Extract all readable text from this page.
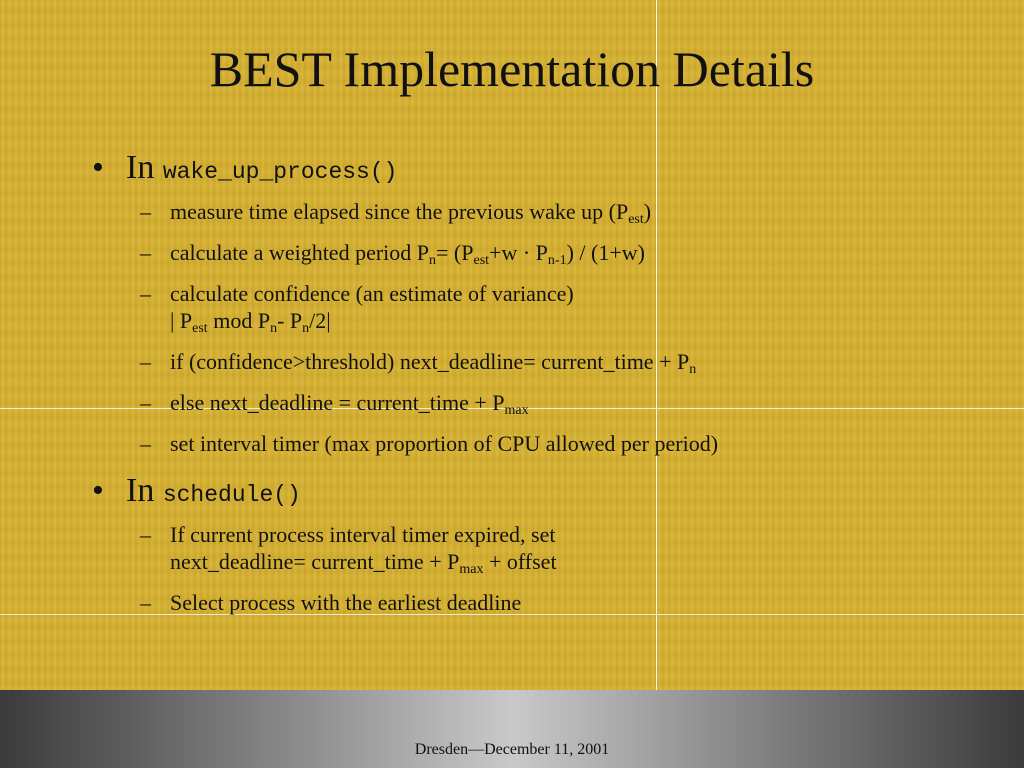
BEST Implementation Details
• In wake_up_process()
– measure time elapsed since the previous wake up $(P_{est})$
– calculate a weighted period $P_n= (P_{est}+w \cdot P_{n-1}) / (1+w)$
– calculate confidence (an estimate of variance)
| $P_{est}$ mod $P_n-$ $P_n/2|$
– if (confidence>threshold) next_deadline= current_time + $P_n$
– else next_deadline = current_time + $P_{max}$
– set interval timer (max proportion of CPU allowed per period)
• In schedule()
– If current process interval timer expired, set
next_deadline= current_time + $P_{max}$ + offset
– Select process with the earliest deadline
Dresden—December 11, 2001
